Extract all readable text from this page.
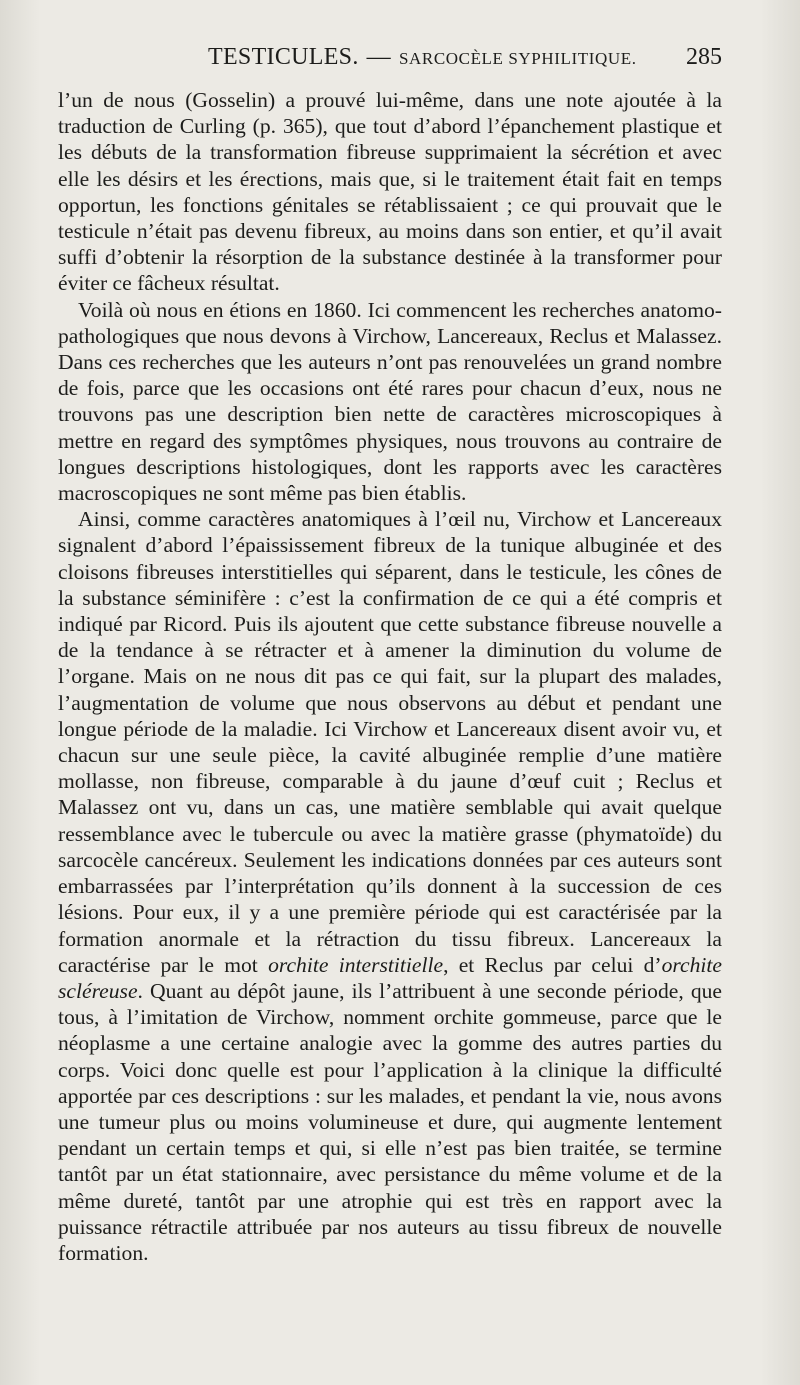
TESTICULES. — SARCOCÈLE SYPHILITIQUE. 285

l’un de nous (Gosselin) a prouvé lui-même, dans une note ajoutée à la traduction de Curling (p. 365), que tout d’abord l’épanchement plastique et les débuts de la transformation fibreuse supprimaient la sécrétion et avec elle les désirs et les érections, mais que, si le traitement était fait en temps opportun, les fonctions génitales se rétablissaient ; ce qui prouvait que le testicule n’était pas devenu fibreux, au moins dans son entier, et qu’il avait suffi d’obtenir la résorption de la substance destinée à la transformer pour éviter ce fâcheux résultat.

Voilà où nous en étions en 1860. Ici commencent les recherches anatomo-pathologiques que nous devons à Virchow, Lancereaux, Reclus et Malassez. Dans ces recherches que les auteurs n’ont pas renouvelées un grand nombre de fois, parce que les occasions ont été rares pour chacun d’eux, nous ne trouvons pas une description bien nette de caractères microscopiques à mettre en regard des symptômes physiques, nous trouvons au contraire de longues descriptions histologiques, dont les rapports avec les caractères macroscopiques ne sont même pas bien établis.

Ainsi, comme caractères anatomiques à l’œil nu, Virchow et Lancereaux signalent d’abord l’épaississement fibreux de la tunique albuginée et des cloisons fibreuses interstitielles qui séparent, dans le testicule, les cônes de la substance séminifère : c’est la confirmation de ce qui a été compris et indiqué par Ricord. Puis ils ajoutent que cette substance fibreuse nouvelle a de la tendance à se rétracter et à amener la diminution du volume de l’organe. Mais on ne nous dit pas ce qui fait, sur la plupart des malades, l’augmentation de volume que nous observons au début et pendant une longue période de la maladie. Ici Virchow et Lancereaux disent avoir vu, et chacun sur une seule pièce, la cavité albuginée remplie d’une matière mollasse, non fibreuse, comparable à du jaune d’œuf cuit ; Reclus et Malassez ont vu, dans un cas, une matière semblable qui avait quelque ressemblance avec le tubercule ou avec la matière grasse (phymatoïde) du sarcocèle cancéreux. Seulement les indications données par ces auteurs sont embarrassées par l’interprétation qu’ils donnent à la succession de ces lésions. Pour eux, il y a une première période qui est caractérisée par la formation anormale et la rétraction du tissu fibreux. Lancereaux la caractérise par le mot orchite interstitielle, et Reclus par celui d’orchite scléreuse. Quant au dépôt jaune, ils l’attribuent à une seconde période, que tous, à l’imitation de Virchow, nomment orchite gommeuse, parce que le néoplasme a une certaine analogie avec la gomme des autres parties du corps. Voici donc quelle est pour l’application à la clinique la difficulté apportée par ces descriptions : sur les malades, et pendant la vie, nous avons une tumeur plus ou moins volumineuse et dure, qui augmente lentement pendant un certain temps et qui, si elle n’est pas bien traitée, se termine tantôt par un état stationnaire, avec persistance du même volume et de la même dureté, tantôt par une atrophie qui est très en rapport avec la puissance rétractile attribuée par nos auteurs au tissu fibreux de nouvelle formation.
